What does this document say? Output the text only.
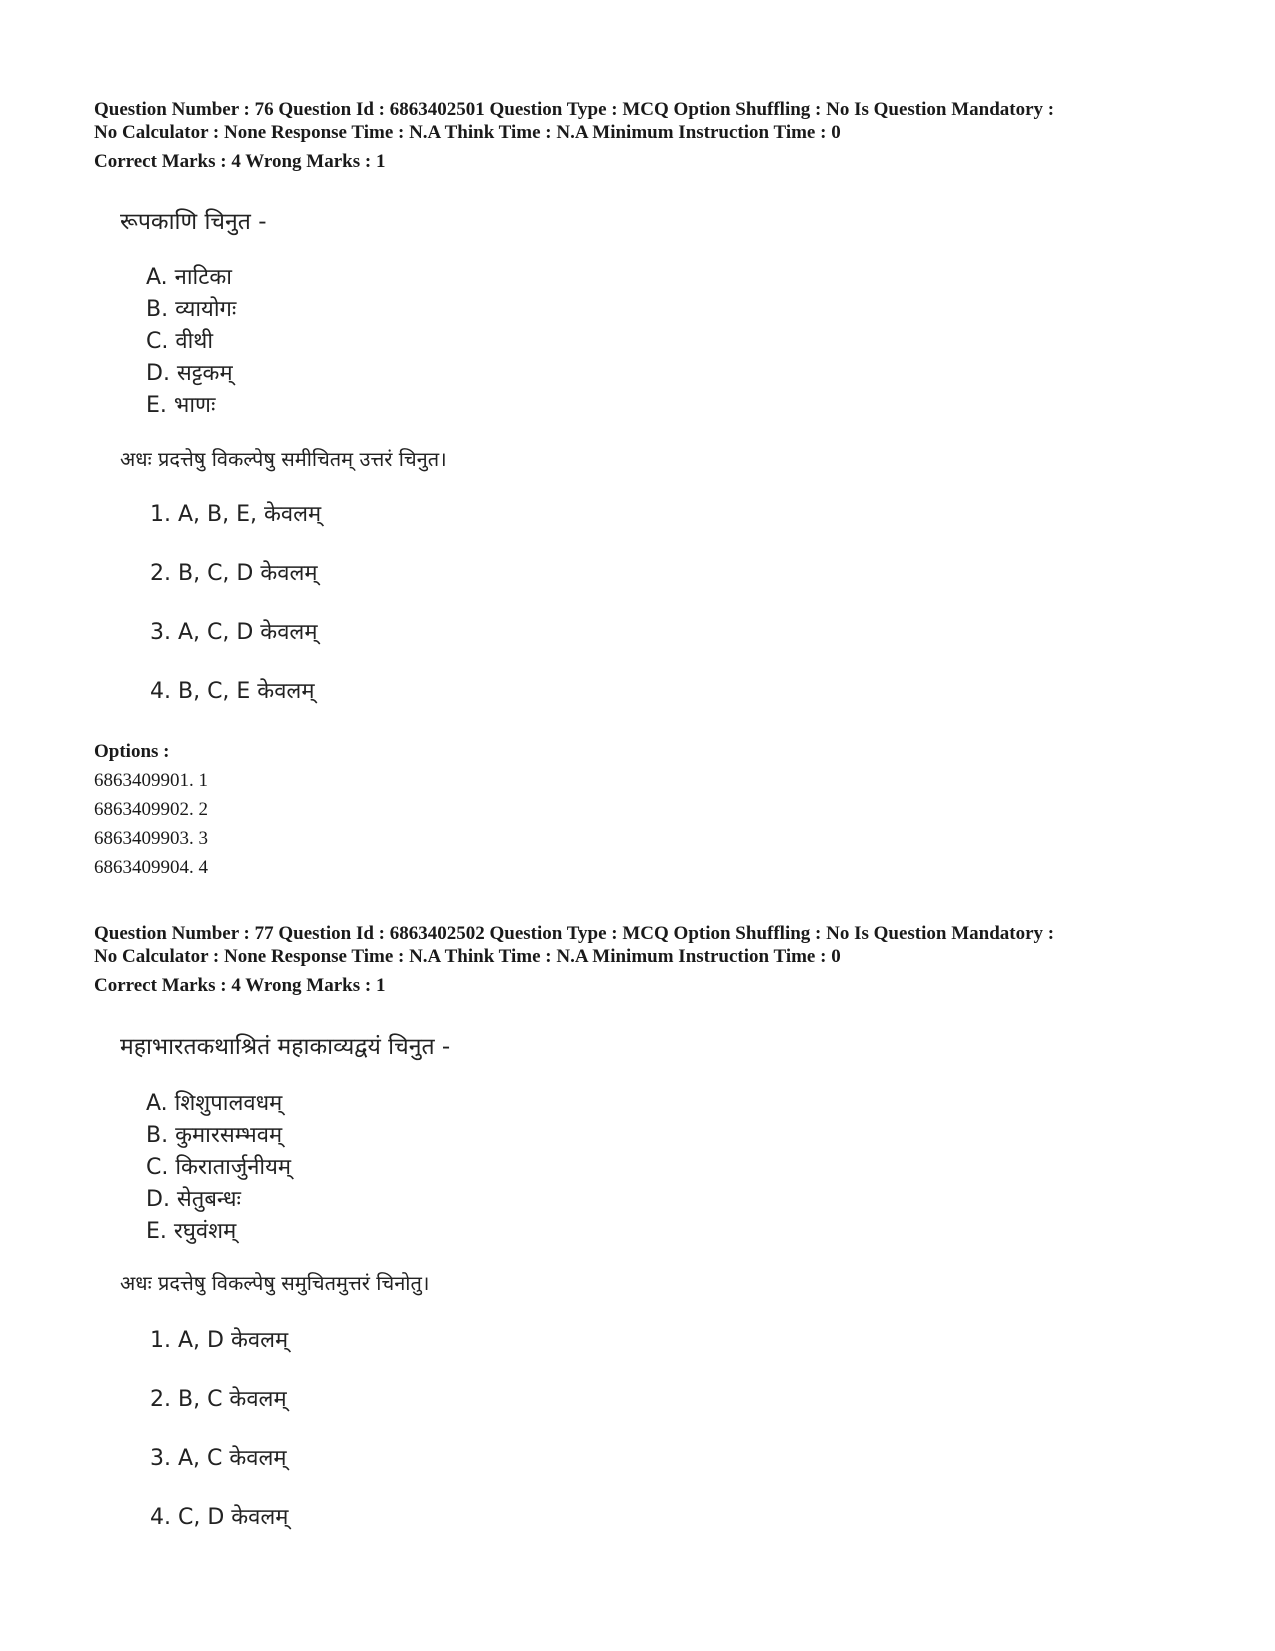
Question Number : 76 Question Id : 6863402501 Question Type : MCQ Option Shuffling : No Is Question Mandatory :
No Calculator : None Response Time : N.A Think Time : N.A Minimum Instruction Time : 0
Correct Marks : 4 Wrong Marks : 1
रूपकाणि चिनुत -
A. नाटिका
B. व्यायोगः
C. वीथी
D. सट्टकम्
E. भाणः
अधः प्रदत्तेषु विकल्पेषु समीचितम् उत्तरं चिनुत।
1. A, B, E, केवलम्
2. B, C, D केवलम्
3. A, C, D केवलम्
4. B, C, E केवलम्
Options :
6863409901. 1
6863409902. 2
6863409903. 3
6863409904. 4
Question Number : 77 Question Id : 6863402502 Question Type : MCQ Option Shuffling : No Is Question Mandatory :
No Calculator : None Response Time : N.A Think Time : N.A Minimum Instruction Time : 0
Correct Marks : 4 Wrong Marks : 1
महाभारतकथाश्रितं महाकाव्यद्वयं चिनुत -
A. शिशुपालवधम्
B. कुमारसम्भवम्
C. किरातार्जुनीयम्
D. सेतुबन्धः
E. रघुवंशम्
अधः प्रदत्तेषु विकल्पेषु समुचितमुत्तरं चिनोतु।
1. A, D केवलम्
2. B, C केवलम्
3. A, C केवलम्
4. C, D केवलम्
